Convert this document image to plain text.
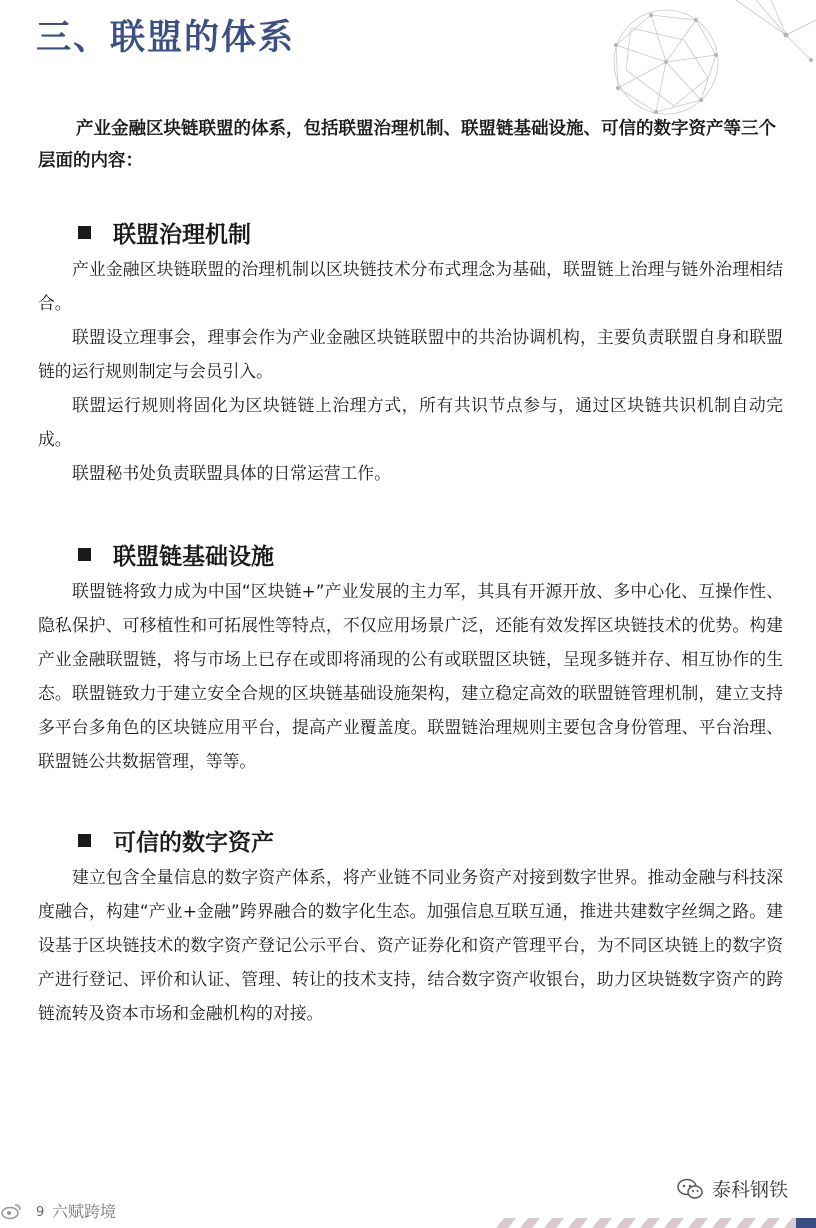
三、联盟的体系

产业金融区块链联盟的体系，包括联盟治理机制、联盟链基础设施、可信的数字资产等三个层面的内容：

联盟治理机制

产业金融区块链联盟的治理机制以区块链技术分布式理念为基础，联盟链上治理与链外治理相结合。

联盟设立理事会，理事会作为产业金融区块链联盟中的共治协调机构，主要负责联盟自身和联盟链的运行规则制定与会员引入。

联盟运行规则将固化为区块链链上治理方式，所有共识节点参与，通过区块链共识机制自动完成。

联盟秘书处负责联盟具体的日常运营工作。

联盟链基础设施

联盟链将致力成为中国“区块链+”产业发展的主力军，其具有开源开放、多中心化、互操作性、隐私保护、可移植性和可拓展性等特点，不仅应用场景广泛，还能有效发挥区块链技术的优势。构建产业金融联盟链，将与市场上已存在或即将涌现的公有或联盟区块链，呈现多链并存、相互协作的生态。联盟链致力于建立安全合规的区块链基础设施架构，建立稳定高效的联盟链管理机制，建立支持多平台多角色的区块链应用平台，提高产业覆盖度。联盟链治理规则主要包含身份管理、平台治理、联盟链公共数据管理，等等。

可信的数字资产

建立包含全量信息的数字资产体系，将产业链不同业务资产对接到数字世界。推动金融与科技深度融合，构建“产业+金融”跨界融合的数字化生态。加强信息互联互通，推进共建数字丝绸之路。建设基于区块链技术的数字资产登记公示平台、资产证券化和资产管理平台，为不同区块链上的数字资产进行登记、评价和认证、管理、转让的技术支持，结合数字资产收银台，助力区块链数字资产的跨链流转及资本市场和金融机构的对接。

泰科钢铁
六赋跨境
9
